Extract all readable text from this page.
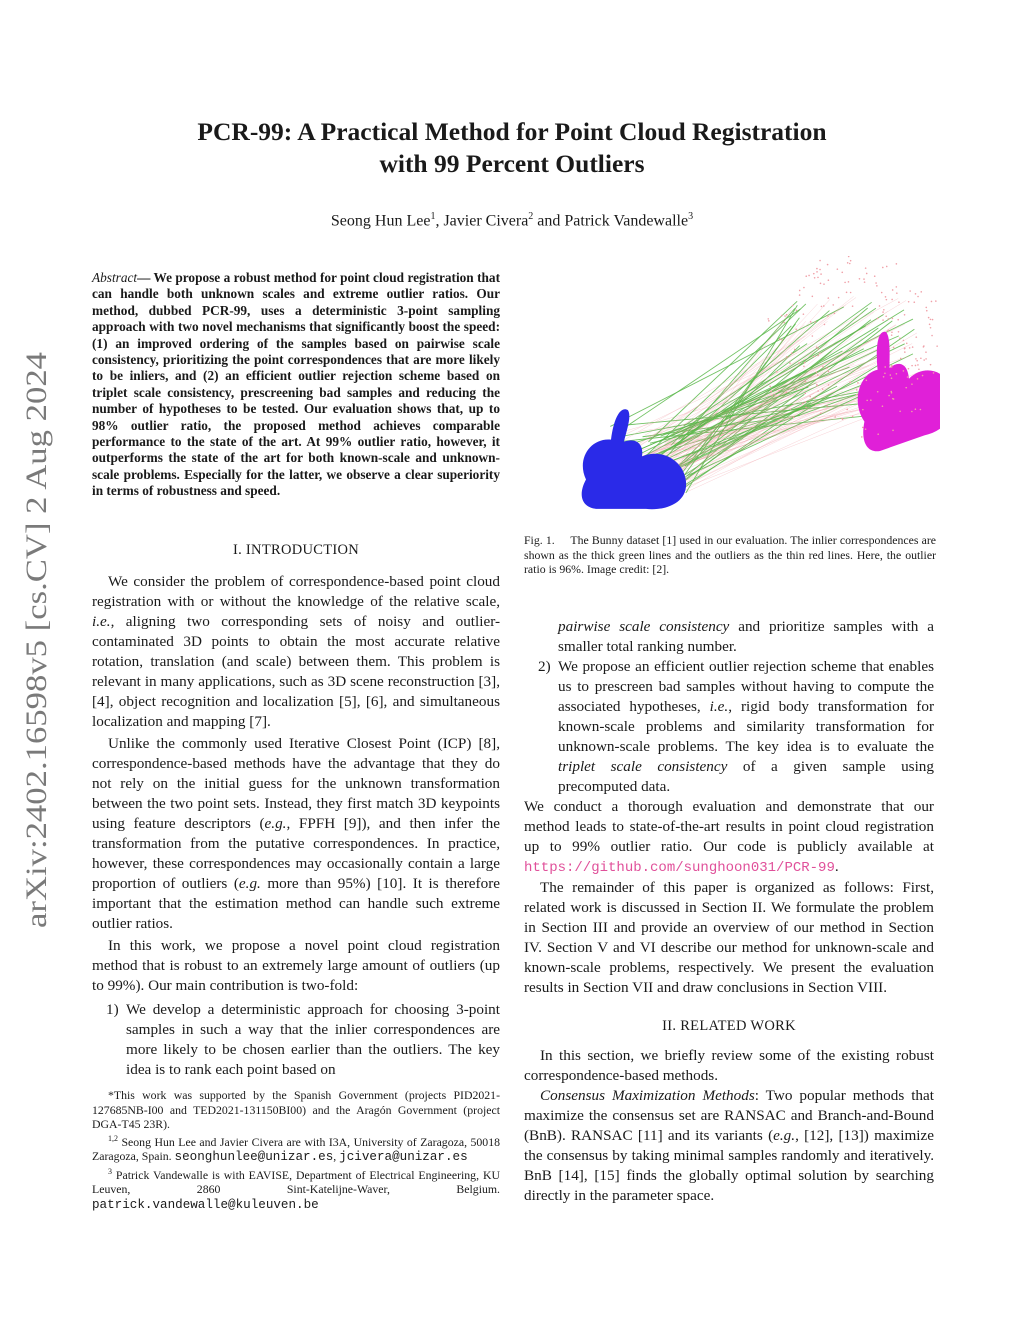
arXiv:2402.16598v5 [cs.CV] 2 Aug 2024
PCR-99: A Practical Method for Point Cloud Registration
with 99 Percent Outliers
Seong Hun Lee$^1$, Javier Civera$^2$ and Patrick Vandewalle$^3$
Abstract— We propose a robust method for point cloud registration that can handle both unknown scales and extreme outlier ratios. Our method, dubbed PCR-99, uses a deterministic 3-point sampling approach with two novel mechanisms that significantly boost the speed: (1) an improved ordering of the samples based on pairwise scale consistency, prioritizing the point correspondences that are more likely to be inliers, and (2) an efficient outlier rejection scheme based on triplet scale consistency, prescreening bad samples and reducing the number of hypotheses to be tested. Our evaluation shows that, up to 98% outlier ratio, the proposed method achieves comparable performance to the state of the art. At 99% outlier ratio, however, it outperforms the state of the art for both known-scale and unknown-scale problems. Especially for the latter, we observe a clear superiority in terms of robustness and speed.
I. INTRODUCTION

We consider the problem of correspondence-based point cloud registration with or without the knowledge of the relative scale, i.e., aligning two corresponding sets of noisy and outlier-contaminated 3D points to obtain the most accurate relative rotation, translation (and scale) between them. This problem is relevant in many applications, such as 3D scene reconstruction [3], [4], object recognition and localization [5], [6], and simultaneous localization and mapping [7].

Unlike the commonly used Iterative Closest Point (ICP) [8], correspondence-based methods have the advantage that they do not rely on the initial guess for the unknown transformation between the two point sets. Instead, they first match 3D keypoints using feature descriptors (e.g., FPFH [9]), and then infer the transformation from the putative correspondences. In practice, however, these correspondences may occasionally contain a large proportion of outliers (e.g. more than 95%) [10]. It is therefore important that the estimation method can handle such extreme outlier ratios.

In this work, we propose a novel point cloud registration method that is robust to an extremely large amount of outliers (up to 99%). Our main contribution is two-fold:

1) We develop a deterministic approach for choosing 3-point samples in such a way that the inlier correspondences are more likely to be chosen earlier than the outliers. The key idea is to rank each point based on

*This work was supported by the Spanish Government (projects PID2021-127685NB-I00 and TED2021-131150BI00) and the Aragón Government (project DGA-T45 23R).

$^{1,2}$ Seong Hun Lee and Javier Civera are with I3A, University of Zaragoza, 50018 Zaragoza, Spain. seonghunlee@unizar.es, jcivera@unizar.es

$^3$ Patrick Vandewalle is with EAVISE, Department of Electrical Engineering, KU Leuven, 2860 Sint-Katelijne-Waver, Belgium. patrick.vandewalle@kuleuven.be

Fig. 1. The Bunny dataset [1] used in our evaluation. The inlier correspondences are shown as the thick green lines and the outliers as the thin red lines. Here, the outlier ratio is 96%. Image credit: [2].

pairwise scale consistency and prioritize samples with a smaller total ranking number.

2) We propose an efficient outlier rejection scheme that enables us to prescreen bad samples without having to compute the associated hypotheses, i.e., rigid body transformation for known-scale problems and similarity transformation for unknown-scale problems. The key idea is to evaluate the triplet scale consistency of a given sample using precomputed data.

We conduct a thorough evaluation and demonstrate that our method leads to state-of-the-art results in point cloud registration up to 99% outlier ratio. Our code is publicly available at https://github.com/sunghoon031/PCR-99.

The remainder of this paper is organized as follows: First, related work is discussed in Section II. We formulate the problem in Section III and provide an overview of our method in Section IV. Section V and VI describe our method for unknown-scale and known-scale problems, respectively. We present the evaluation results in Section VII and draw conclusions in Section VIII.

II. RELATED WORK

In this section, we briefly review some of the existing robust correspondence-based methods.

Consensus Maximization Methods: Two popular methods that maximize the consensus set are RANSAC and Branch-and-Bound (BnB). RANSAC [11] and its variants (e.g., [12], [13]) maximize the consensus by taking minimal samples randomly and iteratively. BnB [14], [15] finds the globally optimal solution by searching directly in the parameter space.
